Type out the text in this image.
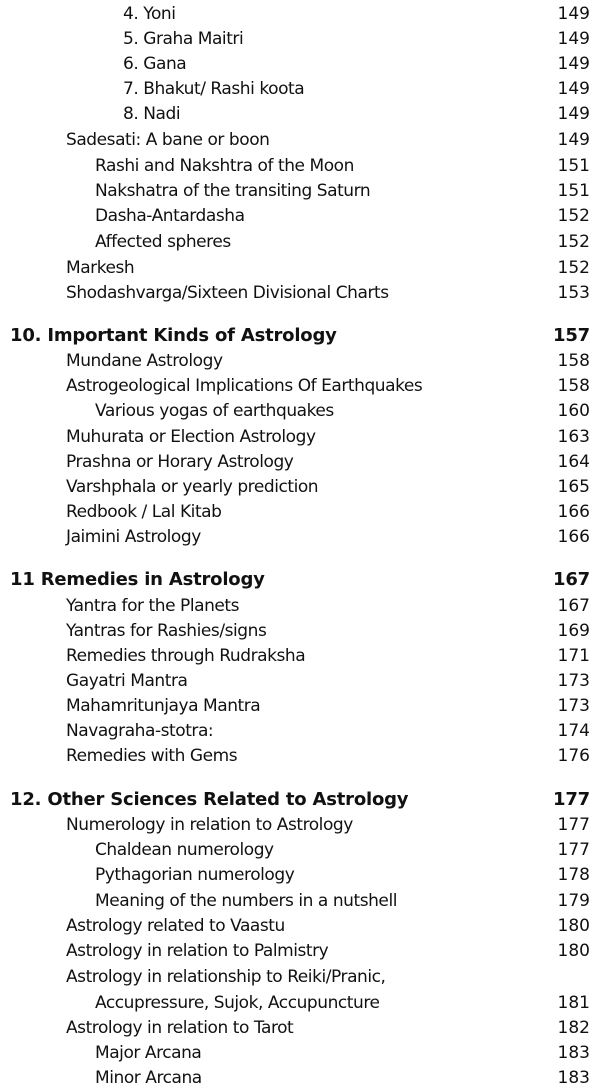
4. Yoni	149
5. Graha Maitri	149
6. Gana	149
7. Bhakut/ Rashi koota	149
8. Nadi	149
Sadesati: A bane or boon	149
Rashi and Nakshtra of the Moon	151
Nakshatra of the transiting Saturn	151
Dasha-Antardasha	152
Affected spheres	152
Markesh	152
Shodashvarga/Sixteen Divisional Charts	153
10. Important Kinds of Astrology	157
Mundane Astrology	158
Astrogeological Implications Of Earthquakes	158
Various yogas of earthquakes	160
Muhurata or Election Astrology	163
Prashna or Horary Astrology	164
Varshphala or yearly prediction	165
Redbook / Lal Kitab	166
Jaimini Astrology	166
11 Remedies in Astrology	167
Yantra for the Planets	167
Yantras for Rashies/signs	169
Remedies through Rudraksha	171
Gayatri Mantra	173
Mahamritunjaya Mantra	173
Navagraha-stotra:	174
Remedies with Gems	176
12. Other Sciences Related to Astrology	177
Numerology in relation to Astrology	177
Chaldean numerology	177
Pythagorian numerology	178
Meaning of the numbers in a nutshell	179
Astrology related to Vaastu	180
Astrology in relation to Palmistry	180
Astrology in relationship to Reiki/Pranic,
Accupressure, Sujok, Accupuncture	181
Astrology in relation to Tarot	182
Major Arcana	183
Minor Arcana	183
